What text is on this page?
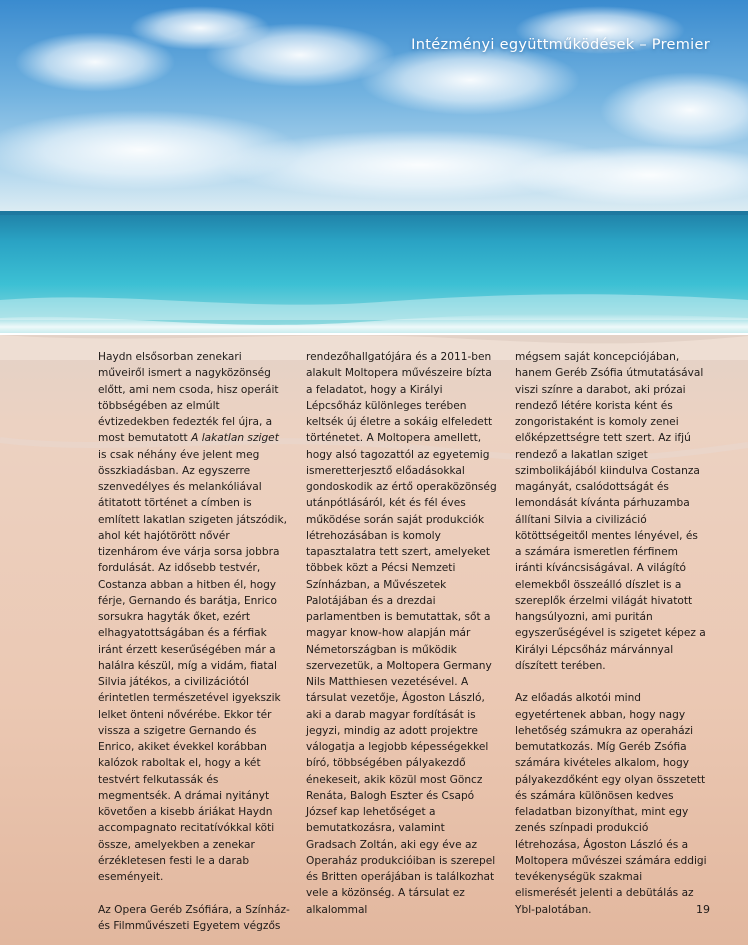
Intézményi együttműködések – Premier

Haydn elsősorban zenekari műveiről ismert a nagyközönség előtt, ami nem csoda, hisz operáit többségében az elmúlt évtizedekben fedezték fel újra, a most bemutatott A lakatlan sziget is csak néhány éve jelent meg összkiadásban. Az egyszerre szenvedélyes és melankóliával átitatott történet a címben is említett lakatlan szigeten játszódik, ahol két hajótörött nővér tizenhárom éve várja sorsa jobbra fordulását. Az idősebb testvér, Costanza abban a hitben él, hogy férje, Gernando és barátja, Enrico sorsukra hagyták őket, ezért elhagyatottságában és a férfiak iránt érzett keserűségében már a halálra készül, míg a vidám, fiatal Silvia játékos, a civilizációtól érintetlen természetével igyekszik lelket önteni nővérébe. Ekkor tér vissza a szigetre Gernando és Enrico, akiket évekkel korábban kalózok raboltak el, hogy a két testvért felkutassák és megmentsék. A drámai nyitányt követően a kisebb áriákat Haydn accompagnato recitatívókkal köti össze, amelyekben a zenekar érzékletesen festi le a darab eseményeit.

Az Opera Geréb Zsófiára, a Színház- és Filmművészeti Egyetem végzős

rendezőhallgatójára és a 2011-ben alakult Moltopera művészeire bízta a feladatot, hogy a Királyi Lépcsőház különleges terében keltsék új életre a sokáig elfeledett történetet. A Moltopera amellett, hogy alsó tagozattól az egyetemig ismeretterjesztő előadásokkal gondoskodik az értő operaközönség utánpótlásáról, két és fél éves működése során saját produkciók létrehozásában is komoly tapasztalatra tett szert, amelyeket többek közt a Pécsi Nemzeti Színházban, a Művészetek Palotájában és a drezdai parlamentben is bemutattak, sőt a magyar know-how alapján már Németországban is működik szervezetük, a Moltopera Germany Nils Matthiesen vezetésével. A társulat vezetője, Ágoston László, aki a darab magyar fordítását is jegyzi, mindig az adott projektre válogatja a legjobb képességekkel bíró, többségében pályakezdő énekeseit, akik közül most Göncz Renáta, Balogh Eszter és Csapó József kap lehetőséget a bemutatkozásra, valamint Gradsach Zoltán, aki egy éve az Operaház produkcióiban is szerepel és Britten operájában is találkozhat vele a közönség. A társulat ez alkalommal

mégsem saját koncepciójában, hanem Geréb Zsófia útmutatásával viszi színre a darabot, aki prózai rendező létére korista ként és zongoristaként is komoly zenei előképzettségre tett szert. Az ifjú rendező a lakatlan sziget szimbolikájából kiindulva Costanza magányát, csalódottságát és lemondását kívánta párhuzamba állítani Silvia a civilizáció kötöttségeitől mentes lényével, és a számára ismeretlen férfinem iránti kíváncsiságával. A világító elemekből összeálló díszlet is a szereplők érzelmi világát hivatott hangsúlyozni, ami puritán egyszerűségével is szigetet képez a Királyi Lépcsőház márvánnyal díszített terében.

Az előadás alkotói mind egyetértenek abban, hogy nagy lehetőség számukra az operaházi bemutatkozás. Míg Geréb Zsófia számára kivételes alkalom, hogy pályakezdőként egy olyan összetett és számára különösen kedves feladatban bizonyíthat, mint egy zenés színpadi produkció létrehozása, Ágoston László és a Moltopera művészei számára eddigi tevékenységük szakmai elismerését jelenti a debütálás az Ybl-palotában.	19
